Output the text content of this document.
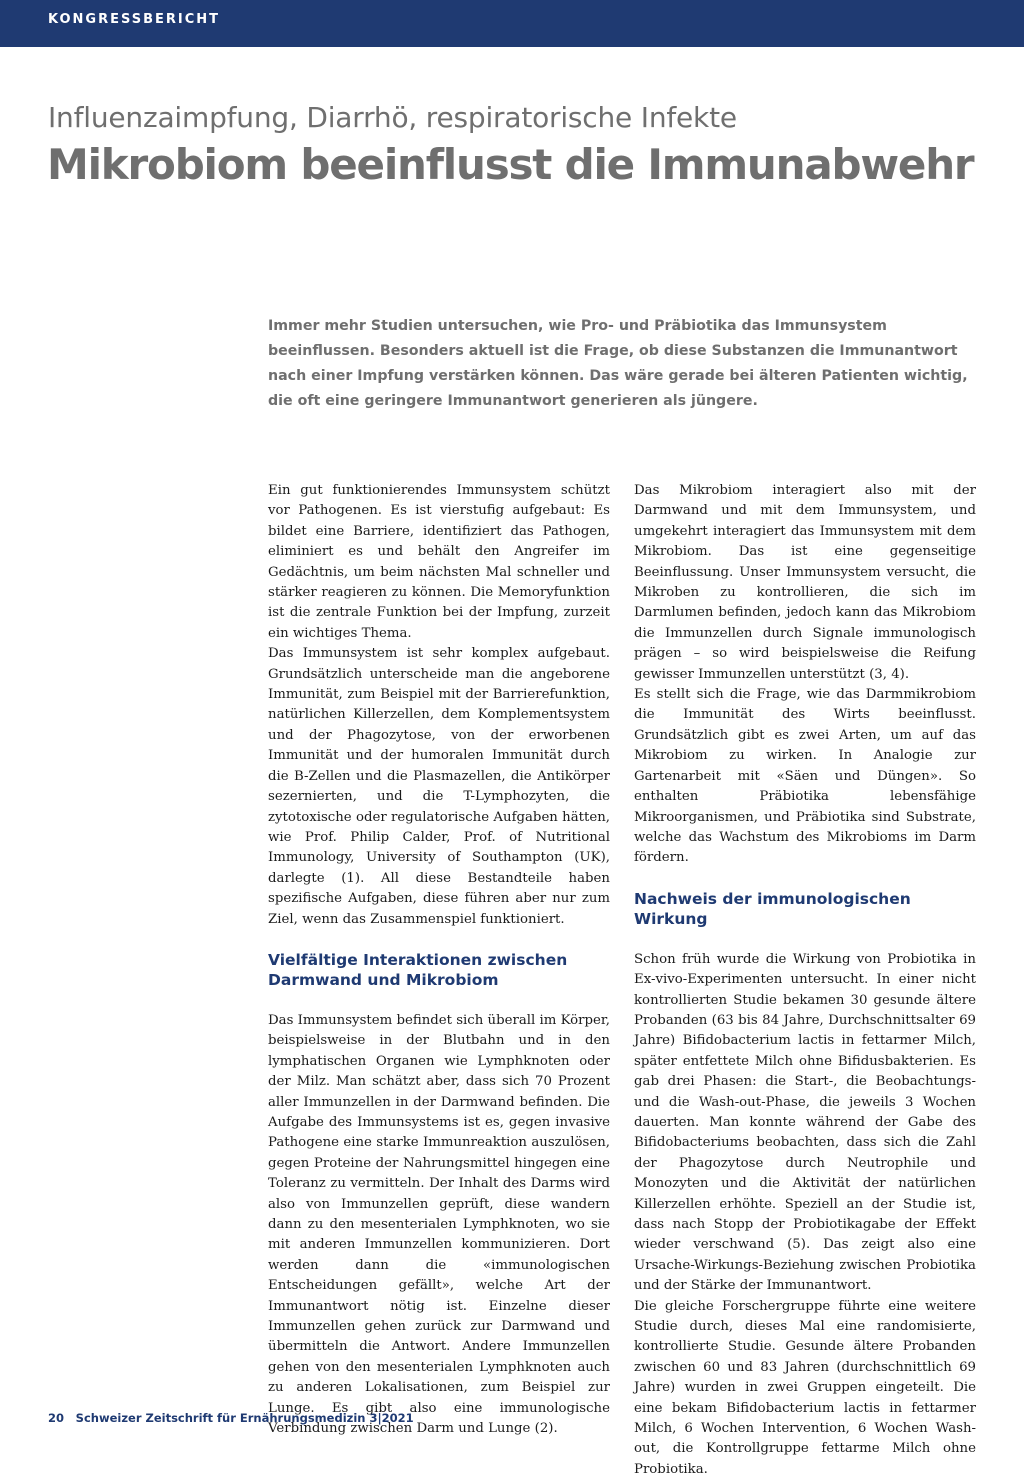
KONGRESSBERICHT
Influenzaimpfung, Diarrhö, respiratorische Infekte
Mikrobiom beeinflusst die Immunabwehr

Immer mehr Studien untersuchen, wie Pro- und Präbiotika das Immunsystem beeinflussen. Besonders aktuell ist die Frage, ob diese Substanzen die Immunantwort nach einer Impfung verstärken können. Das wäre gerade bei älteren Patienten wichtig, die oft eine geringere Immunantwort generieren als jüngere.

Ein gut funktionierendes Immunsystem schützt vor Pathogenen. Es ist vierstufig aufgebaut: Es bildet eine Barriere, identifiziert das Pathogen, eliminiert es und behält den Angreifer im Gedächtnis, um beim nächsten Mal schneller und stärker reagieren zu können. Die Memoryfunktion ist die zentrale Funktion bei der Impfung, zurzeit ein wichtiges Thema.

Das Immunsystem ist sehr komplex aufgebaut. Grundsätzlich unterscheide man die angeborene Immunität, zum Beispiel mit der Barrierefunktion, natürlichen Killerzellen, dem Komplementsystem und der Phagozytose, von der erworbenen Immunität und der humoralen Immunität durch die B-Zellen und die Plasmazellen, die Antikörper sezernierten, und die T-Lymphozyten, die zytotoxische oder regulatorische Aufgaben hätten, wie Prof. Philip Calder, Prof. of Nutritional Immunology, University of Southampton (UK), darlegte (1). All diese Bestandteile haben spezifische Aufgaben, diese führen aber nur zum Ziel, wenn das Zusammenspiel funktioniert.

Vielfältige Interaktionen zwischen Darmwand und Mikrobiom

Das Immunsystem befindet sich überall im Körper, beispielsweise in der Blutbahn und in den lymphatischen Organen wie Lymphknoten oder der Milz. Man schätzt aber, dass sich 70 Prozent aller Immunzellen in der Darmwand befinden. Die Aufgabe des Immunsystems ist es, gegen invasive Pathogene eine starke Immunreaktion auszulösen, gegen Proteine der Nahrungsmittel hingegen eine Toleranz zu vermitteln. Der Inhalt des Darms wird also von Immunzellen geprüft, diese wandern dann zu den mesenterialen Lymphknoten, wo sie mit anderen Immunzellen kommunizieren. Dort werden dann die «immunologischen Entscheidungen gefällt», welche Art der Immunantwort nötig ist. Einzelne dieser Immunzellen gehen zurück zur Darmwand und übermitteln die Antwort. Andere Immunzellen gehen von den mesenterialen Lymphknoten auch zu anderen Lokalisationen, zum Beispiel zur Lunge. Es gibt also eine immunologische Verbindung zwischen Darm und Lunge (2).

Das Mikrobiom interagiert also mit der Darmwand und mit dem Immunsystem, und umgekehrt interagiert das Immunsystem mit dem Mikrobiom. Das ist eine gegenseitige Beeinflussung. Unser Immunsystem versucht, die Mikroben zu kontrollieren, die sich im Darmlumen befinden, jedoch kann das Mikrobiom die Immunzellen durch Signale immunologisch prägen – so wird beispielsweise die Reifung gewisser Immunzellen unterstützt (3, 4).

Es stellt sich die Frage, wie das Darmmikrobiom die Immunität des Wirts beeinflusst. Grundsätzlich gibt es zwei Arten, um auf das Mikrobiom zu wirken. In Analogie zur Gartenarbeit mit «Säen und Düngen». So enthalten Präbiotika lebensfähige Mikroorganismen, und Präbiotika sind Substrate, welche das Wachstum des Mikrobioms im Darm fördern.

Nachweis der immunologischen Wirkung

Schon früh wurde die Wirkung von Probiotika in Ex-vivo-Experimenten untersucht. In einer nicht kontrollierten Studie bekamen 30 gesunde ältere Probanden (63 bis 84 Jahre, Durchschnittsalter 69 Jahre) Bifidobacterium lactis in fettarmer Milch, später entfettete Milch ohne Bifidusbakterien. Es gab drei Phasen: die Start-, die Beobachtungs- und die Wash-out-Phase, die jeweils 3 Wochen dauerten. Man konnte während der Gabe des Bifidobacteriums beobachten, dass sich die Zahl der Phagozytose durch Neutrophile und Monozyten und die Aktivität der natürlichen Killerzellen erhöhte. Speziell an der Studie ist, dass nach Stopp der Probiotikagabe der Effekt wieder verschwand (5). Das zeigt also eine Ursache-Wirkungs-Beziehung zwischen Probiotika und der Stärke der Immunantwort.

Die gleiche Forschergruppe führte eine weitere Studie durch, dieses Mal eine randomisierte, kontrollierte Studie. Gesunde ältere Probanden zwischen 60 und 83 Jahren (durchschnittlich 69 Jahre) wurden in zwei Gruppen eingeteilt. Die eine bekam Bifidobacterium lactis in fettarmer Milch, 6 Wochen Intervention, 6 Wochen Wash-out, die Kontrollgruppe fettarme Milch ohne Probiotika.

20 Schweizer Zeitschrift für Ernährungsmedizin 3|2021
